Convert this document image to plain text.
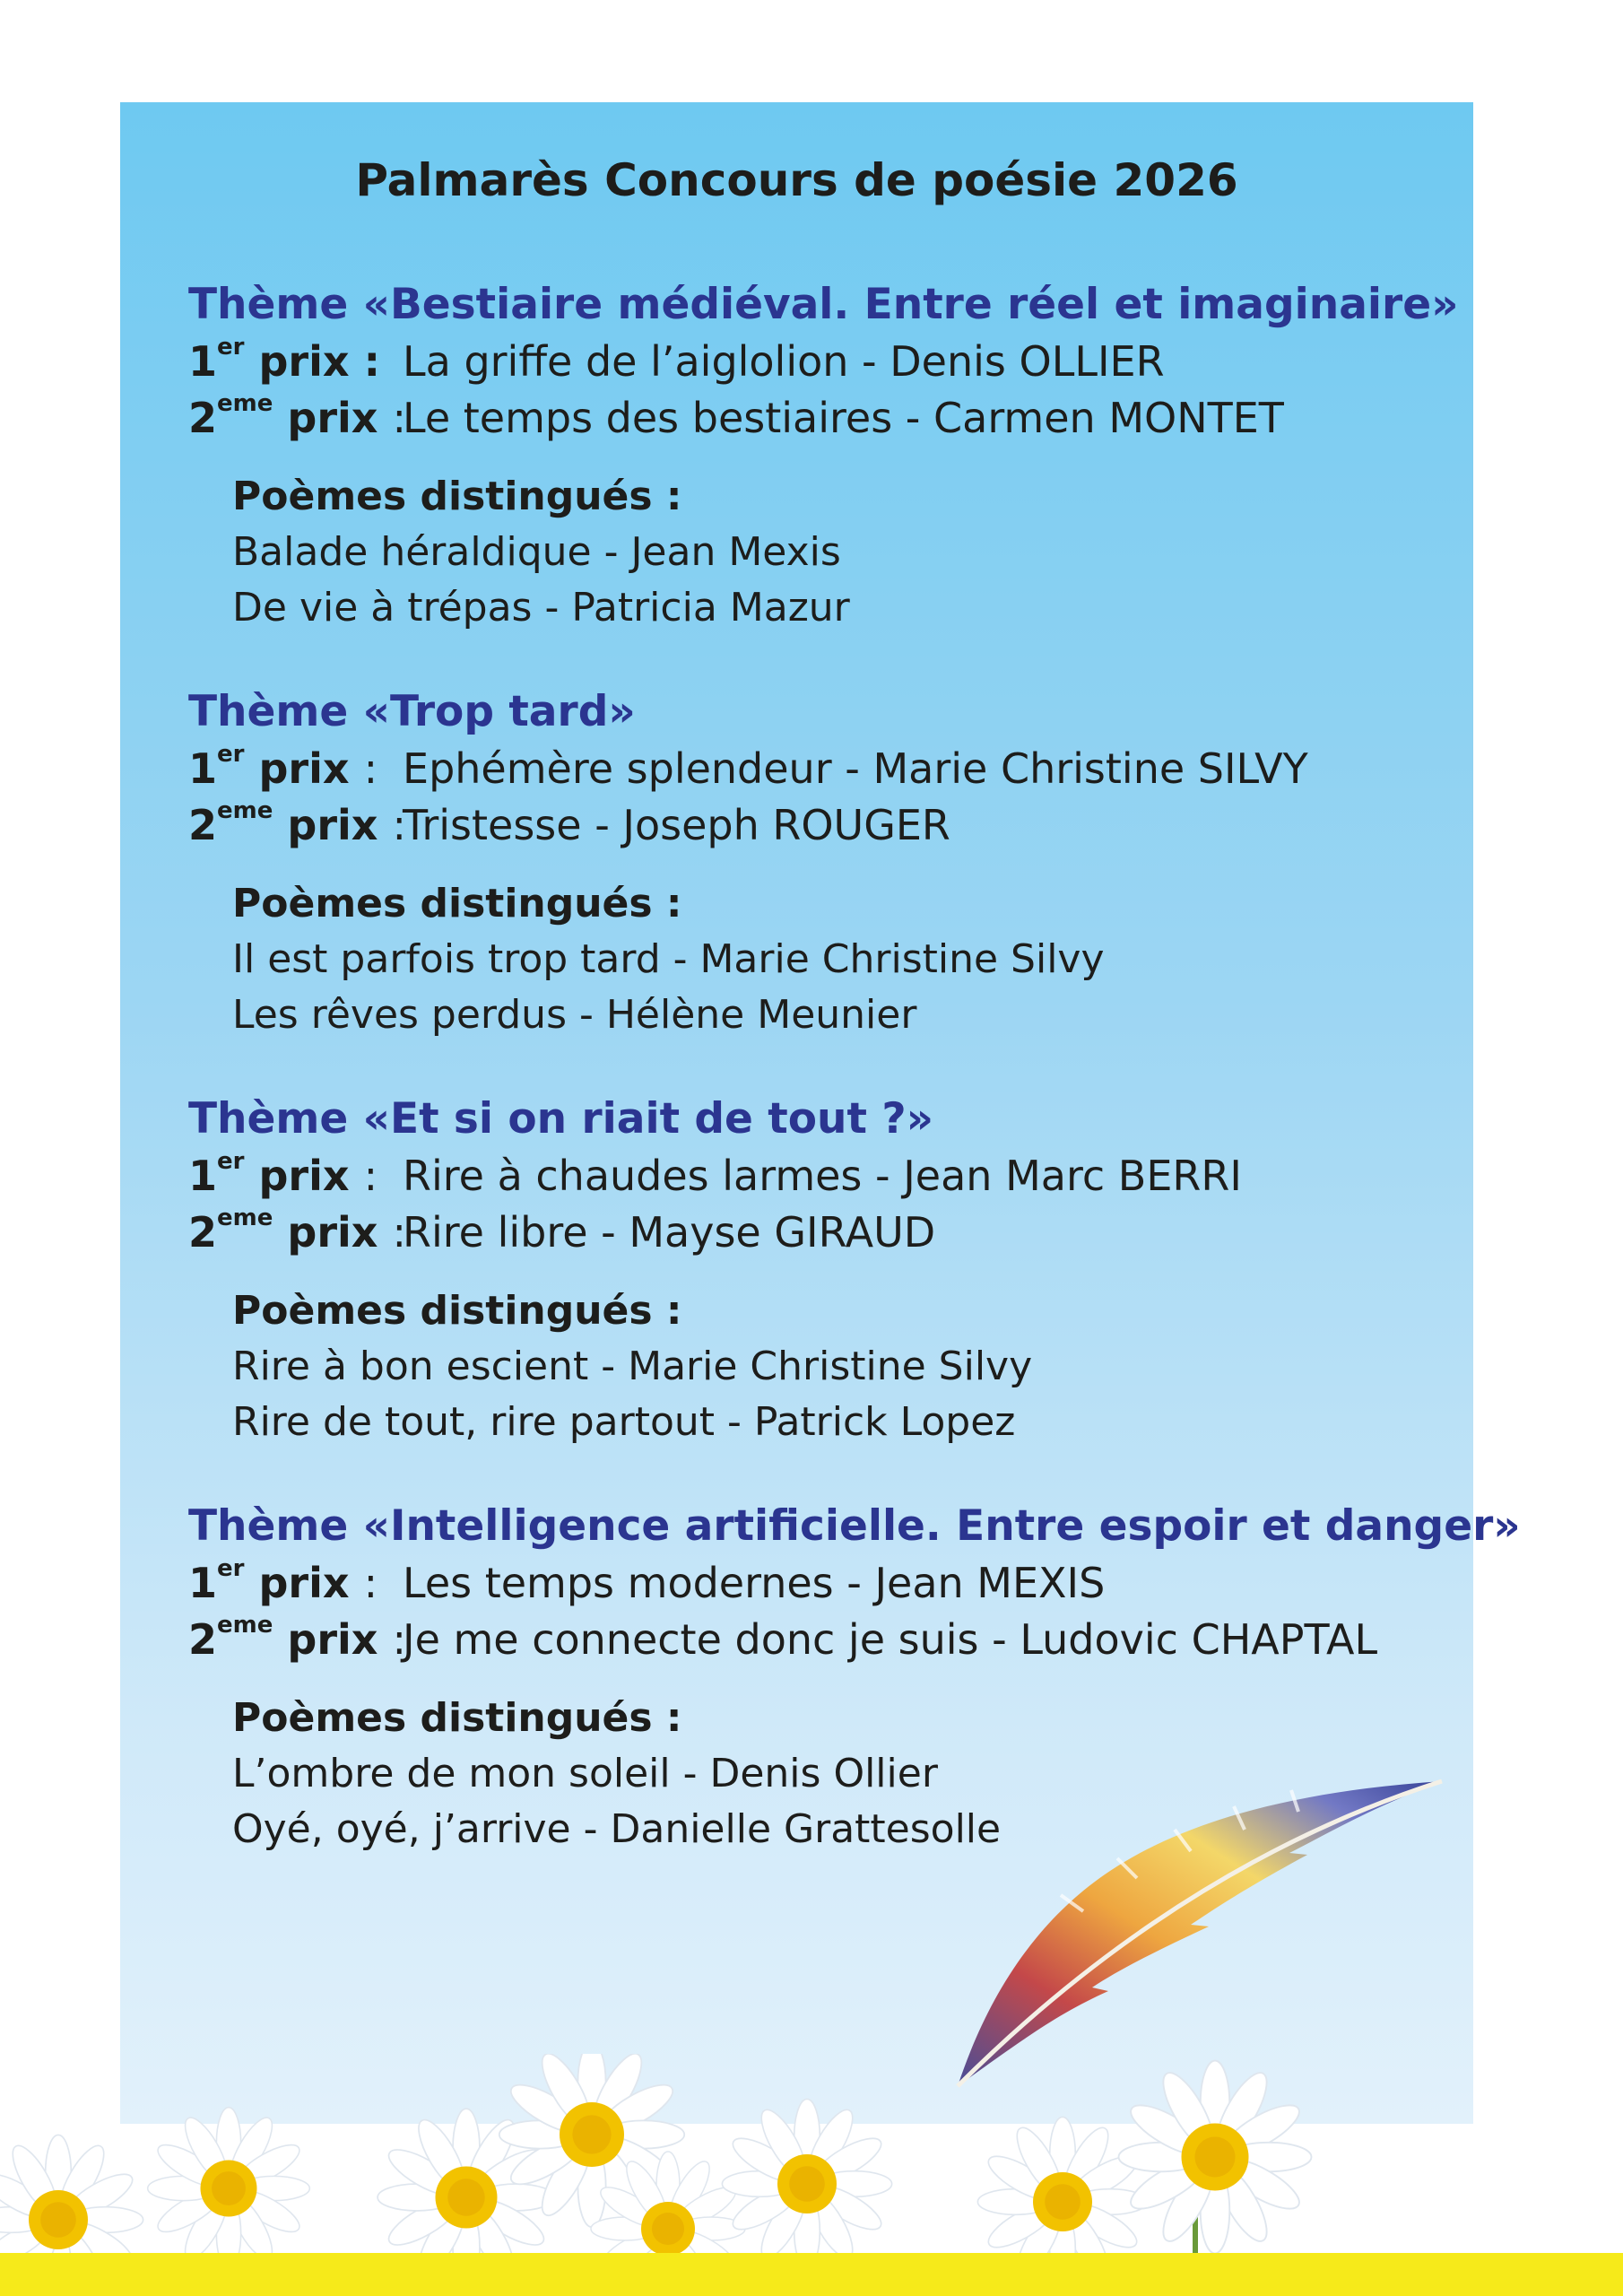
Palmarès Concours de poésie 2026
Thème «Bestiaire médiéval. Entre réel et imaginaire»
1er prix : La griffe de l’aiglolion - Denis OLLIER
2eme prix :
Le temps des bestiaires - Carmen MONTET
Poèmes distingués :
Balade héraldique - Jean Mexis
De vie à trépas - Patricia Mazur
Thème «Trop tard»
1er prix : Ephémère splendeur - Marie Christine SILVY
2eme prix :
Tristesse - Joseph ROUGER
Poèmes distingués :
Il est parfois trop tard - Marie Christine Silvy
Les rêves perdus - Hélène Meunier
Thème «Et si on riait de tout ?»
1er prix : Rire à chaudes larmes - Jean Marc BERRI
2eme prix :
Rire libre - Mayse GIRAUD
Poèmes distingués :
Rire à bon escient - Marie Christine Silvy
Rire de tout, rire partout - Patrick Lopez
Thème «Intelligence artificielle. Entre espoir et danger»
1er prix : Les temps modernes - Jean MEXIS
2eme prix :
Je me connecte donc je suis - Ludovic CHAPTAL
Poèmes distingués :
L’ombre de mon soleil - Denis Ollier
Oyé, oyé, j’arrive - Danielle Grattesolle
